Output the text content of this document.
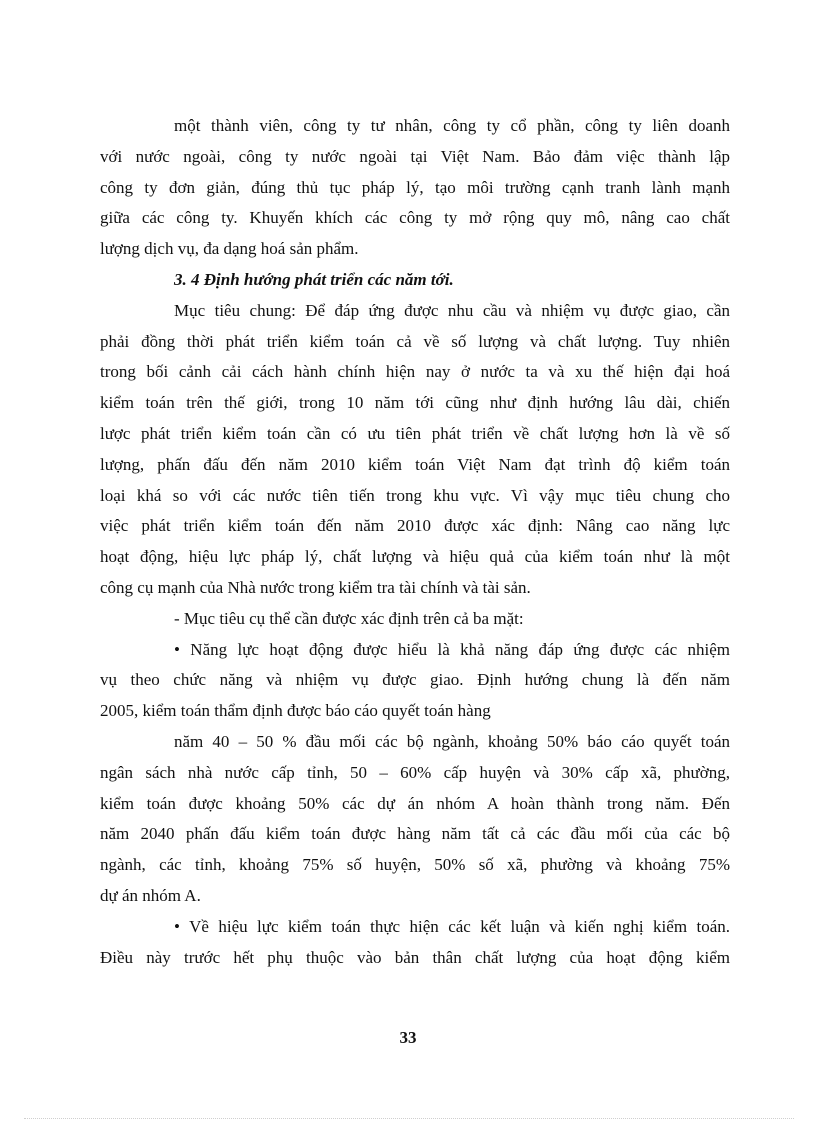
một thành viên, công ty tư nhân, công ty cổ phần, công ty liên doanh
với nước ngoài, công ty nước ngoài tại Việt Nam. Bảo đảm việc thành lập
công ty đơn giản, đúng thủ tục pháp lý, tạo môi trường cạnh tranh lành mạnh
giữa các công ty. Khuyến khích các công ty mở rộng quy mô, nâng cao chất
lượng dịch vụ, đa dạng hoá sản phẩm.
3. 4 Định hướng phát triển các năm tới.
Mục tiêu chung: Để đáp ứng được nhu cầu và nhiệm vụ được giao, cần
phải đồng thời phát triển kiểm toán cả về số lượng và chất lượng. Tuy nhiên
trong bối cảnh cải cách hành chính hiện nay ở nước ta và xu thế hiện đại hoá
kiểm toán trên thế giới, trong 10 năm tới cũng như định hướng lâu dài, chiến
lược phát triển kiểm toán cần có ưu tiên phát triển về chất lượng hơn là về số
lượng, phấn đấu đến năm 2010 kiểm toán Việt Nam đạt trình độ kiểm toán
loại khá so với các nước tiên tiến trong khu vực. Vì vậy mục tiêu chung cho
việc phát triển kiểm toán đến năm 2010 được xác định: Nâng cao năng lực
hoạt động, hiệu lực pháp lý, chất lượng và hiệu quả của kiểm toán như là một
công cụ mạnh của Nhà nước trong kiểm tra tài chính và tài sản.
- Mục tiêu cụ thể cần được xác định trên cả ba mặt:
• Năng lực hoạt động được hiểu là khả năng đáp ứng được các nhiệm
vụ theo chức năng và nhiệm vụ được giao. Định hướng chung là đến năm
2005, kiểm toán thẩm định được báo cáo quyết toán hàng
năm 40 – 50 % đầu mối các bộ ngành, khoảng 50% báo cáo quyết toán
ngân sách nhà nước cấp tỉnh, 50 – 60% cấp huyện và 30% cấp xã, phường,
kiểm toán được khoảng 50% các dự án nhóm A hoàn thành trong năm. Đến
năm 2040 phấn đấu kiểm toán được hàng năm tất cả các đầu mối của các bộ
ngành, các tỉnh, khoảng 75% số huyện, 50% số xã, phường và khoảng 75%
dự án nhóm A.
• Về hiệu lực kiểm toán thực hiện các kết luận và kiến nghị kiểm toán.
Điều này trước hết phụ thuộc vào bản thân chất lượng của hoạt động kiểm
33
